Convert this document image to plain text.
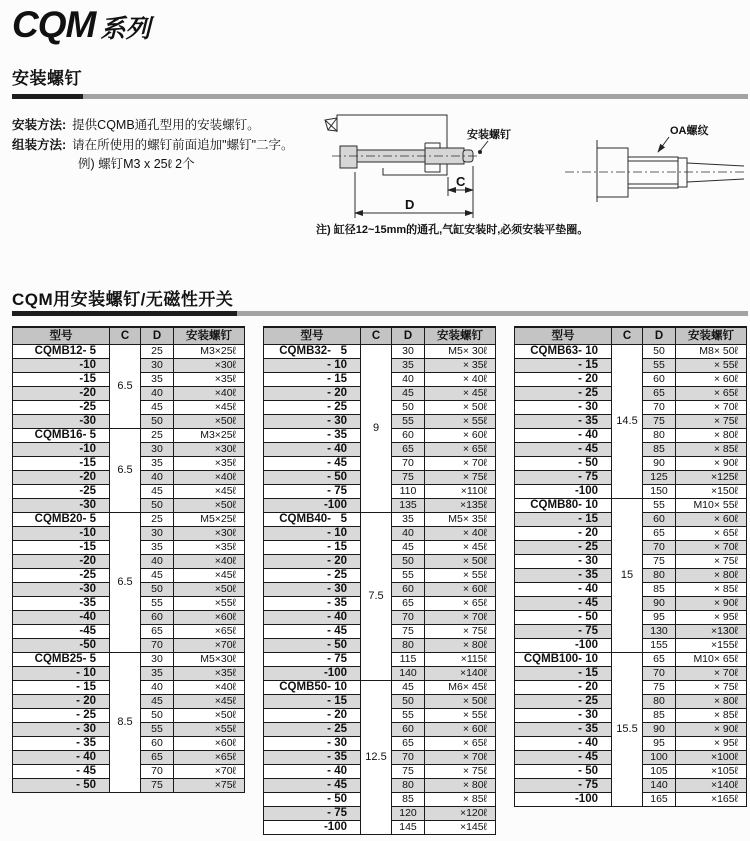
CQM 系列
安装螺钉
安装方法: 提供CQMB通孔型用的安装螺钉。
组装方法: 请在所使用的螺钉前面追加"螺钉"二字。
例) 螺钉M3 x 25ℓ 2个
安装螺钉
C
D
OA螺纹
注) 缸径12~15mm的通孔,气缸安装时,必须安装平垫圈。
CQM用安装螺钉/无磁性开关
型号	C	D	安装螺钉
CQMB12- 5	6.5	25	M3×25ℓ
-10		30	×30ℓ
-15		35	×35ℓ
-20		40	×40ℓ
-25		45	×45ℓ
-30		50	×50ℓ
CQMB16- 5	6.5	25	M3×25ℓ
-10		30	×30ℓ
-15		35	×35ℓ
-20		40	×40ℓ
-25		45	×45ℓ
-30		50	×50ℓ
CQMB20- 5	6.5	25	M5×25ℓ
-10		30	×30ℓ
-15		35	×35ℓ
-20		40	×40ℓ
-25		45	×45ℓ
-30		50	×50ℓ
-35		55	×55ℓ
-40		60	×60ℓ
-45		65	×65ℓ
-50		70	×70ℓ
CQMB25- 5	8.5	30	M5×30ℓ
- 10		35	×35ℓ
- 15		40	×40ℓ
- 20		45	×45ℓ
- 25		50	×50ℓ
- 30		55	×55ℓ
- 35		60	×60ℓ
- 40		65	×65ℓ
- 45		70	×70ℓ
- 50		75	×75ℓ
型号	C	D	安装螺钉
CQMB32-   5	9	30	M5× 30ℓ
- 10		35	× 35ℓ
- 15		40	× 40ℓ
- 20		45	× 45ℓ
- 25		50	× 50ℓ
- 30		55	× 55ℓ
- 35		60	× 60ℓ
- 40		65	× 65ℓ
- 45		70	× 70ℓ
- 50		75	× 75ℓ
- 75		110	×110ℓ
-100		135	×135ℓ
CQMB40-   5	7.5	35	M5× 35ℓ
- 10		40	× 40ℓ
- 15		45	× 45ℓ
- 20		50	× 50ℓ
- 25		55	× 55ℓ
- 30		60	× 60ℓ
- 35		65	× 65ℓ
- 40		70	× 70ℓ
- 45		75	× 75ℓ
- 50		80	× 80ℓ
- 75		115	×115ℓ
-100		140	×140ℓ
CQMB50- 10	12.5	45	M6× 45ℓ
- 15		50	× 50ℓ
- 20		55	× 55ℓ
- 25		60	× 60ℓ
- 30		65	× 65ℓ
- 35		70	× 70ℓ
- 40		75	× 75ℓ
- 45		80	× 80ℓ
- 50		85	× 85ℓ
- 75		120	×120ℓ
-100		145	×145ℓ
型号	C	D	安装螺钉
CQMB63- 10	14.5	50	M8× 50ℓ
- 15		55	× 55ℓ
- 20		60	× 60ℓ
- 25		65	× 65ℓ
- 30		70	× 70ℓ
- 35		75	× 75ℓ
- 40		80	× 80ℓ
- 45		85	× 85ℓ
- 50		90	× 90ℓ
- 75		125	×125ℓ
-100		150	×150ℓ
CQMB80- 10	15	55	M10× 55ℓ
- 15		60	× 60ℓ
- 20		65	× 65ℓ
- 25		70	× 70ℓ
- 30		75	× 75ℓ
- 35		80	× 80ℓ
- 40		85	× 85ℓ
- 45		90	× 90ℓ
- 50		95	× 95ℓ
- 75		130	×130ℓ
-100		155	×155ℓ
CQMB100- 10	15.5	65	M10× 65ℓ
- 15		70	× 70ℓ
- 20		75	× 75ℓ
- 25		80	× 80ℓ
- 30		85	× 85ℓ
- 35		90	× 90ℓ
- 40		95	× 95ℓ
- 45		100	×100ℓ
- 50		105	×105ℓ
- 75		140	×140ℓ
-100		165	×165ℓ
